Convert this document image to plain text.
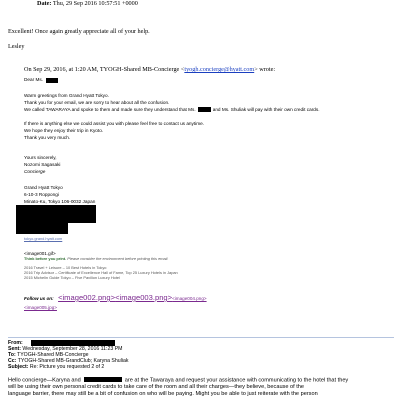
Date: Thu, 29 Sep 2016 10:57:51 +0000
Excellent! Once again greatly appreciate all of your help.
Lesley
On Sep 29, 2016, at 1:20 AM, TYOGH-Shared MB-Concierge <tyogh.concierge@hyatt.com> wrote:
Dear Ms.
Warm greetings from Grand Hyatt Tokyo.
Thank you for your email, we are sorry to hear about all the confusion.
We called TAWARAYA and spoke to them and made sure they understand that Ms.	and Ms. Shuliak will pay with their own credit cards.
If there is anything else we could assist you with please feel free to contact us anytime.
We hope they enjoy their trip in Kyoto.
Thank you very much.
Yours sincerely,
Nozomi Sagasaki
Concierge
Grand Hyatt Tokyo
6-10-3 Roppongi
Minato-Ku, Tokyo 106-0032 Japan
tokyo.grand.hyatt.com
<image001.gif>
Think before you print. Please consider the environment before printing this email.
2016 Travel + Leisure – 10 Best Hotels in Tokyo
2016 Trip Advisor – Certificate of Excellence Hall of Fame, Top 25 Luxury Hotels in Japan
2015 Michelin Guide Tokyo – Five Pavilion Luxury Hotel
Follow us on: <image002.png><image003.png><image004.png>
<image005.jpg>
From:
Sent: Wednesday, September 28, 2016 11:23 PM
To: TYOGH-Shared MB-Concierge
Cc: TYOGH-Shared MB-GrandClub; Karyna Shuliak
Subject: Re: Picture you requested 2 of 2
Hello concierge—Karyna and	are at the Tawaraya and request your assistance with communicating to the hotel that they
will be using their own personal credit cards to take care of the room and all their charges—they believe, because of the
language barrier, there may still be a bit of confusion on who will be paying. Might you be able to just reiterate with the person
